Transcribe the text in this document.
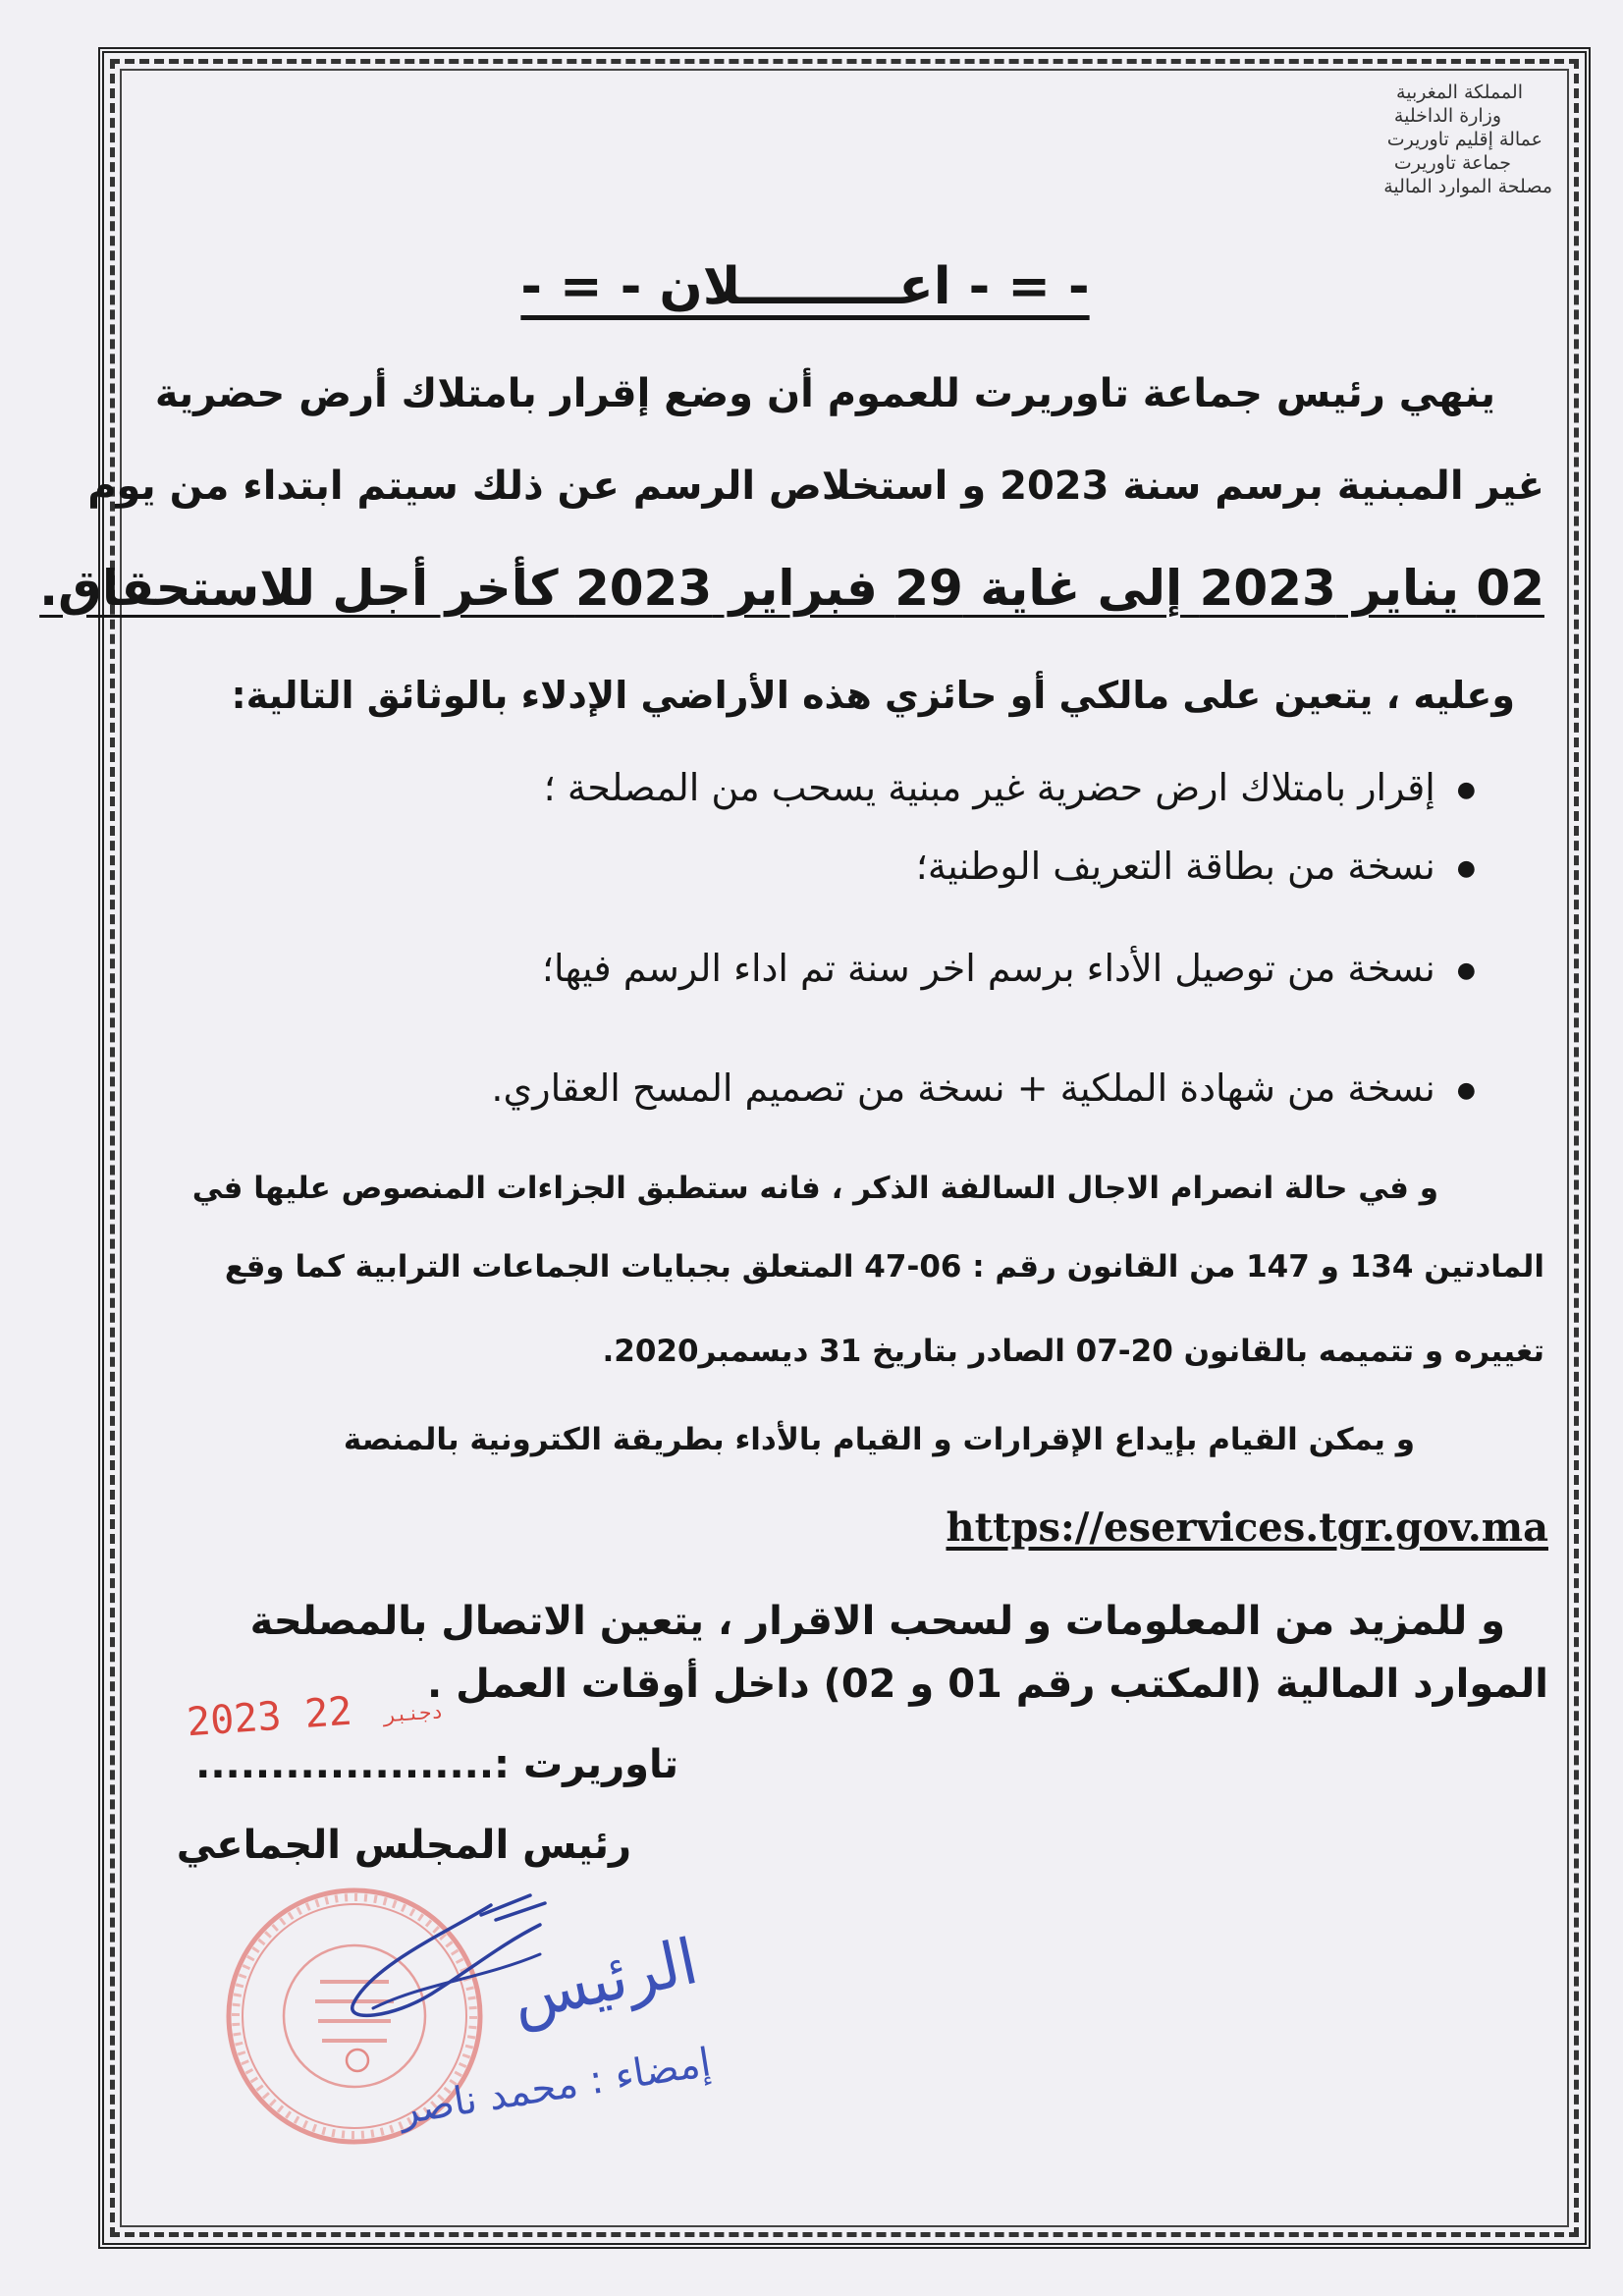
المملكة المغربية
وزارة الداخلية
عمالة إقليم تاوريرت
جماعة تاوريرت
مصلحة الموارد المالية
- = - اعـــــــــلان - = -
ينهي رئيس جماعة تاوريرت للعموم أن وضع إقرار بامتلاك أرض حضرية
غير المبنية برسم سنة 2023 و استخلاص الرسم عن ذلك سيتم ابتداء من يوم
02 يناير 2023 إلى غاية 29 فبراير 2023 كأخر أجل للاستحقاق.
وعليه ، يتعين على مالكي أو حائزي هذه الأراضي الإدلاء بالوثائق التالية:
● إقرار بامتلاك ارض حضرية غير مبنية يسحب من المصلحة ؛
● نسخة من بطاقة التعريف الوطنية؛
● نسخة من توصيل الأداء برسم اخر سنة تم اداء الرسم فيها؛
● نسخة من شهادة الملكية + نسخة من تصميم المسح العقاري.
و في حالة انصرام الاجال السالفة الذكر ، فانه ستطبق الجزاءات المنصوص عليها في
المادتين 134 و 147 من القانون رقم : 06-47 المتعلق بجبايات الجماعات الترابية كما وقع
تغييره و تتميمه بالقانون 20-07 الصادر بتاريخ 31 ديسمبر2020.
و يمكن القيام بإيداع الإقرارات و القيام بالأداء بطريقة الكترونية بالمنصة
https://eservices.tgr.gov.ma
و للمزيد من المعلومات و لسحب الاقرار ، يتعين الاتصال بالمصلحة
الموارد المالية (المكتب رقم 01 و 02) داخل أوقات العمل .
2023	دجنبر 22
تاوريرت :....................
رئيس المجلس الجماعي
الرئيس
إمضاء : محمد ناصر
